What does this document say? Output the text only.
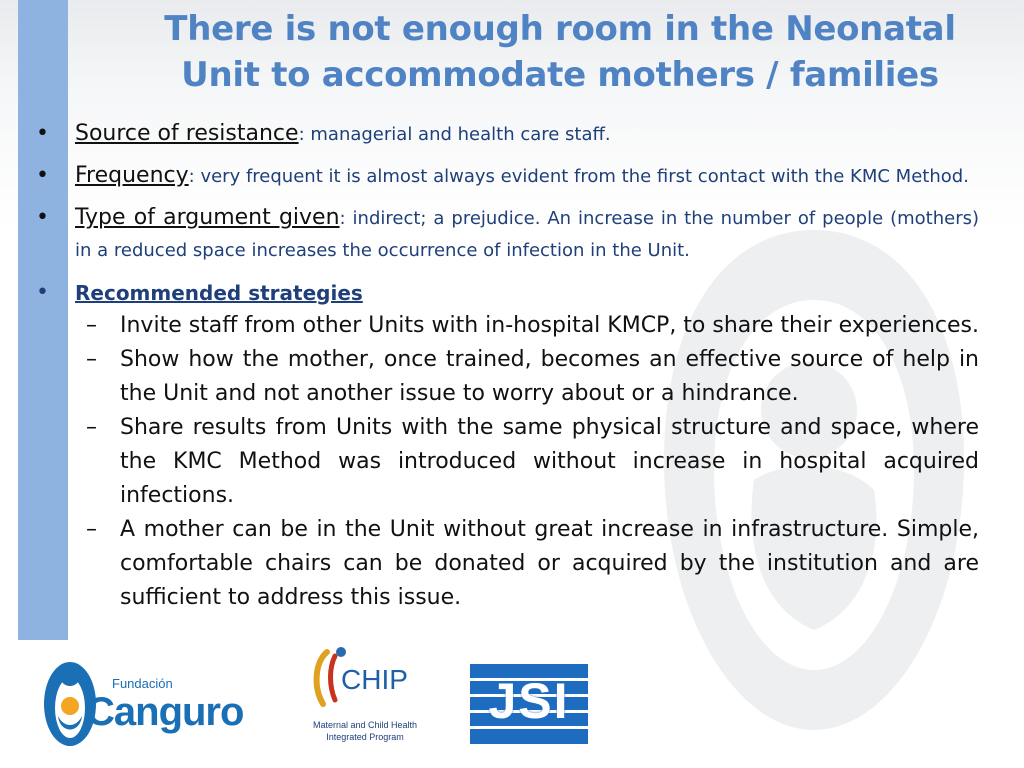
There is not enough room in the Neonatal
Unit to accommodate mothers / families
• Source of resistance: managerial and health care staff.
• Frequency: very frequent it is almost always evident from the first contact with the KMC Method.
• Type of argument given: indirect; a prejudice. An increase in the number of people (mothers) in a reduced space increases the occurrence of infection in the Unit.
• Recommended strategies
– Invite staff from other Units with in-hospital KMCP, to share their experiences.
– Show how the mother, once trained, becomes an effective source of help in the Unit and not another issue to worry about or a hindrance.
– Share results from Units with the same physical structure and space, where the KMC Method was introduced without increase in hospital acquired infections.
– A mother can be in the Unit without great increase in infrastructure. Simple, comfortable chairs can be donated or acquired by the institution and are sufficient to address this issue.
Fundación
Canguro
CHIP
Maternal and Child Health
Integrated Program
JSI
